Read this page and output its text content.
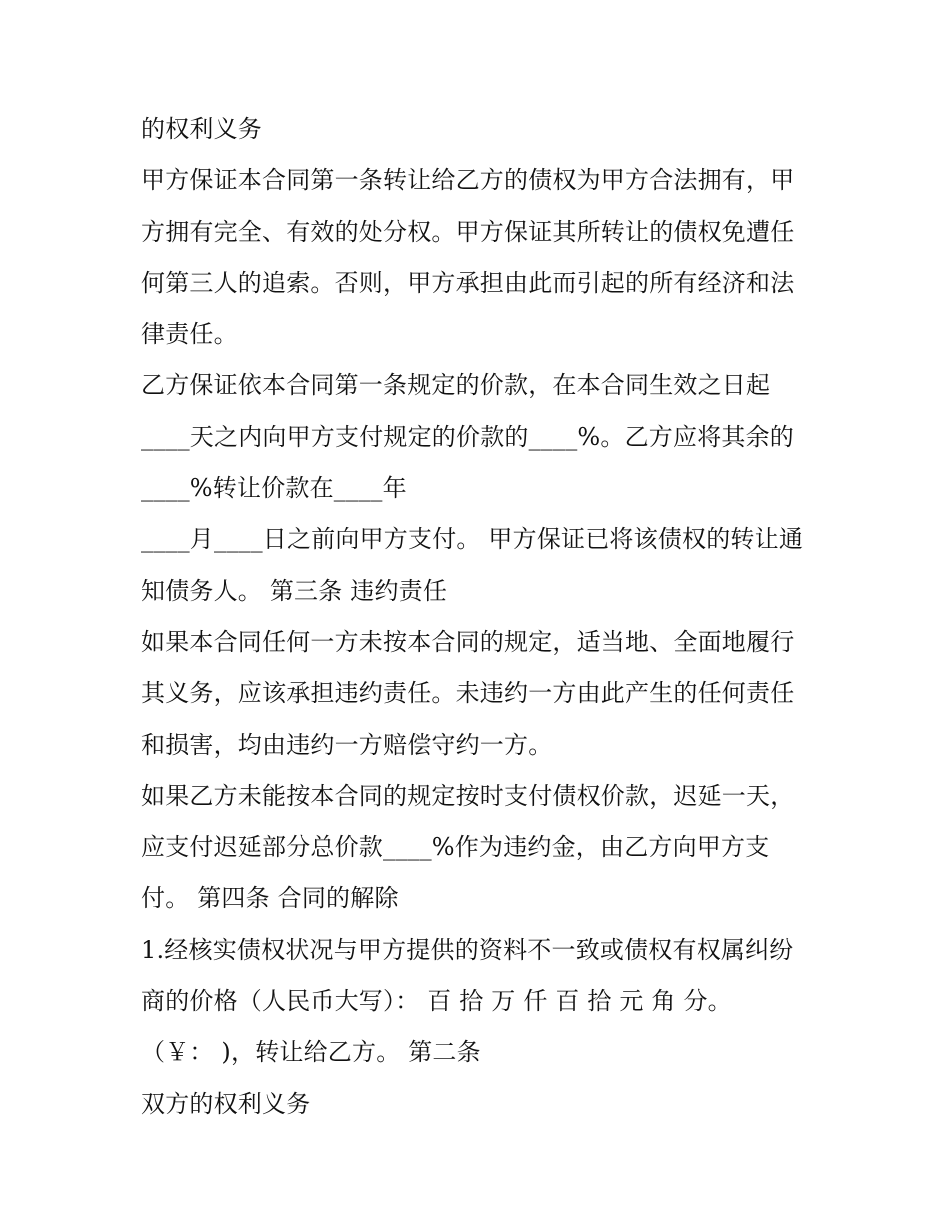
的权利义务
甲方保证本合同第一条转让给乙方的债权为甲方合法拥有，甲
方拥有完全、有效的处分权。甲方保证其所转让的债权免遭任
何第三人的追索。否则，甲方承担由此而引起的所有经济和法
律责任。
乙方保证依本合同第一条规定的价款，在本合同生效之日起
____天之内向甲方支付规定的价款的____%。乙方应将其余的
____%转让价款在____年
____月____日之前向甲方支付。 甲方保证已将该债权的转让通
知债务人。 第三条 违约责任
如果本合同任何一方未按本合同的规定，适当地、全面地履行
其义务，应该承担违约责任。未违约一方由此产生的任何责任
和损害，均由违约一方赔偿守约一方。
如果乙方未能按本合同的规定按时支付债权价款，迟延一天，
应支付迟延部分总价款____%作为违约金，由乙方向甲方支
付。 第四条 合同的解除
1.经核实债权状况与甲方提供的资料不一致或债权有权属纠纷
商的价格（人民币大写）： 百 拾 万 仟 百 拾 元 角 分。
（￥： )，转让给乙方。 第二条
双方的权利义务
